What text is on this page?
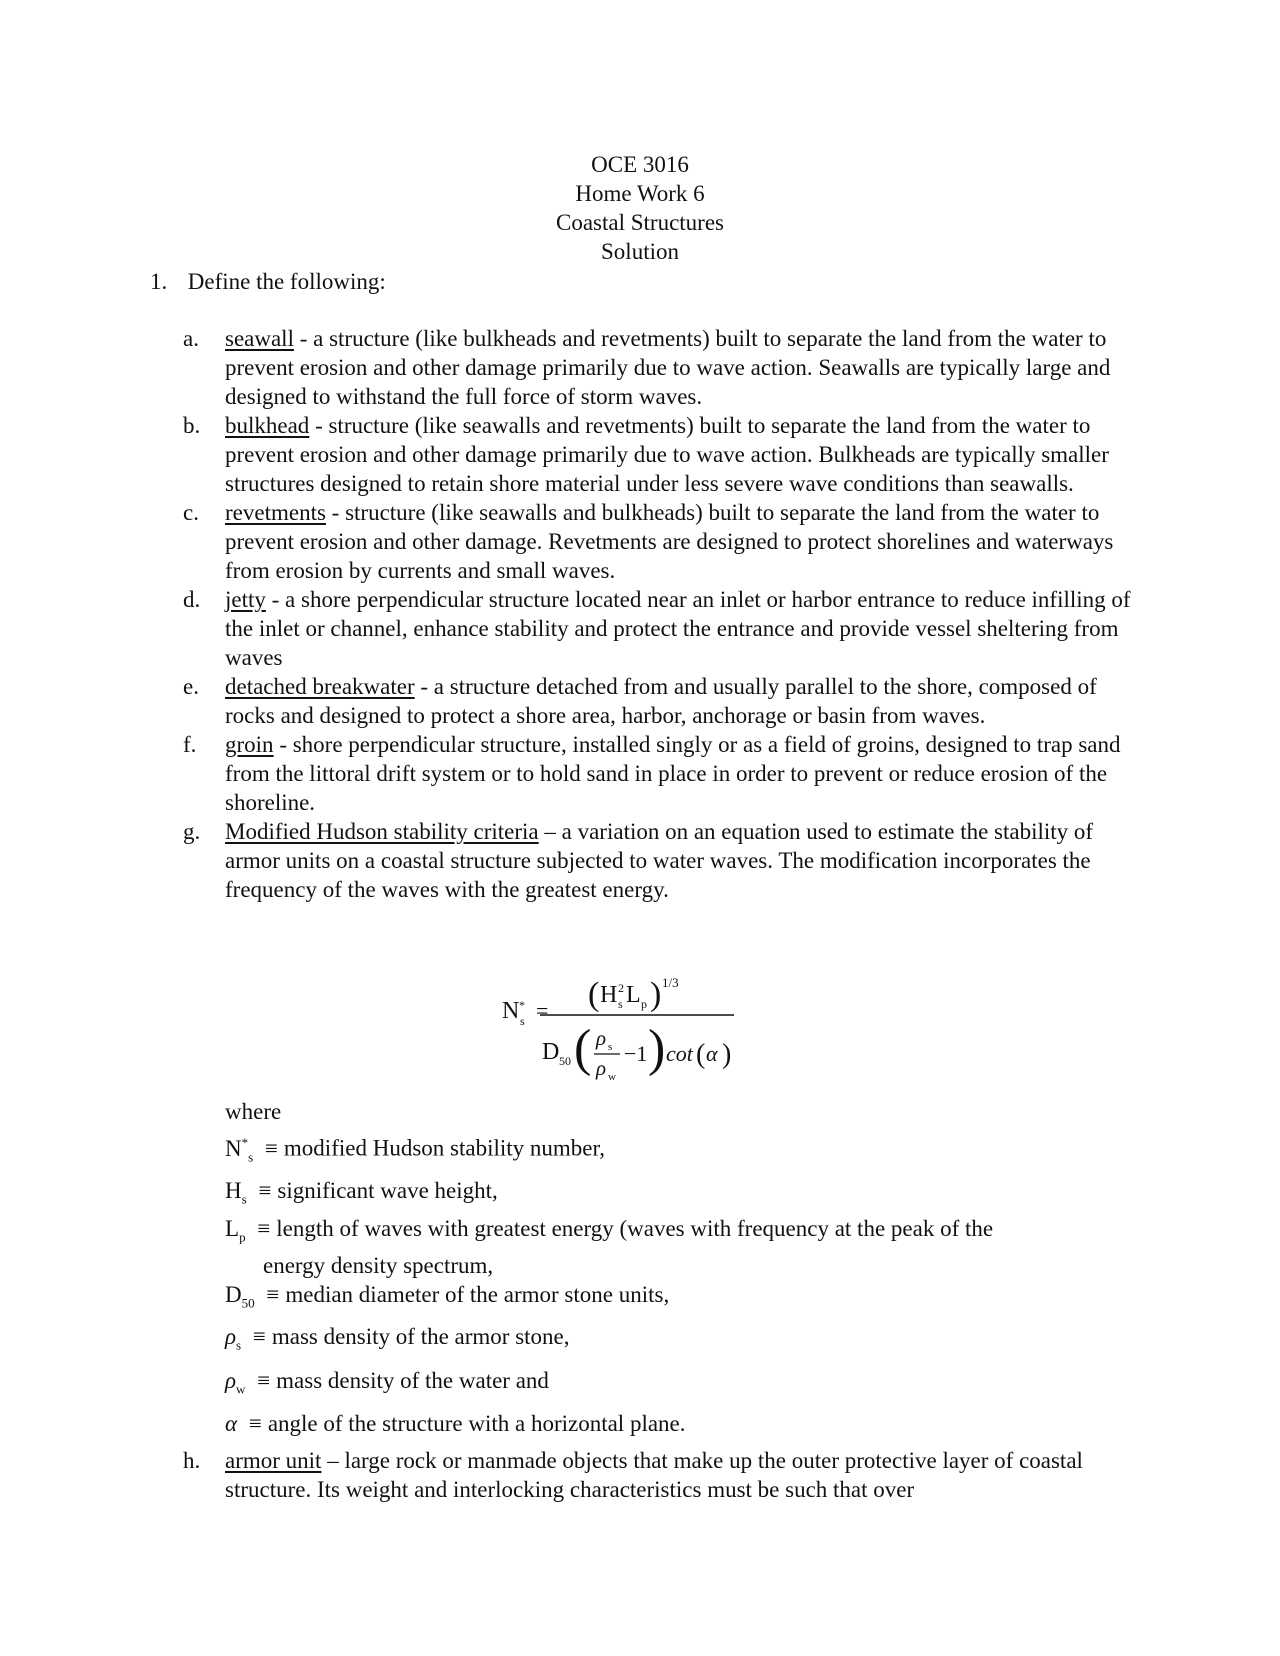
OCE 3016
Home Work 6
Coastal Structures
Solution
1. Define the following:
a.	seawall - a structure (like bulkheads and revetments) built to separate the land from the water to prevent erosion and other damage primarily due to wave action. Seawalls are typically large and designed to withstand the full force of storm waves.
b.	bulkhead - structure (like seawalls and revetments) built to separate the land from the water to prevent erosion and other damage primarily due to wave action. Bulkheads are typically smaller structures designed to retain shore material under less severe wave conditions than seawalls.
c.	revetments - structure (like seawalls and bulkheads) built to separate the land from the water to prevent erosion and other damage. Revetments are designed to protect shorelines and waterways from erosion by currents and small waves.
d.	jetty - a shore perpendicular structure located near an inlet or harbor entrance to reduce infilling of the inlet or channel, enhance stability and protect the entrance and provide vessel sheltering from waves
e.	detached breakwater - a structure detached from and usually parallel to the shore, composed of rocks and designed to protect a shore area, harbor, anchorage or basin from waves.
f.	groin - shore perpendicular structure, installed singly or as a field of groins, designed to trap sand from the littoral drift system or to hold sand in place in order to prevent or reduce erosion of the shoreline.
g.	Modified Hudson stability criteria – a variation on an equation used to estimate the stability of armor units on a coastal structure subjected to water waves. The modification incorporates the frequency of the waves with the greatest energy.
N *
s = ( H 2
s L p ) 1/3
D 50 ( ρ s
ρ w
−1 ) cot ( α )
where
$N^*_s$ ≡ modified Hudson stability number,
$H_s$ ≡ significant wave height,
$L_p$ ≡ length of waves with greatest energy (waves with frequency at the peak of the
energy density spectrum,
$D_{50}$ ≡ median diameter of the armor stone units,
$\rho_s$ ≡ mass density of the armor stone,
$\rho_w$ ≡ mass density of the water and
α ≡ angle of the structure with a horizontal plane.
h.	armor unit – large rock or manmade objects that make up the outer protective layer of coastal structure. Its weight and interlocking characteristics must be such that over
